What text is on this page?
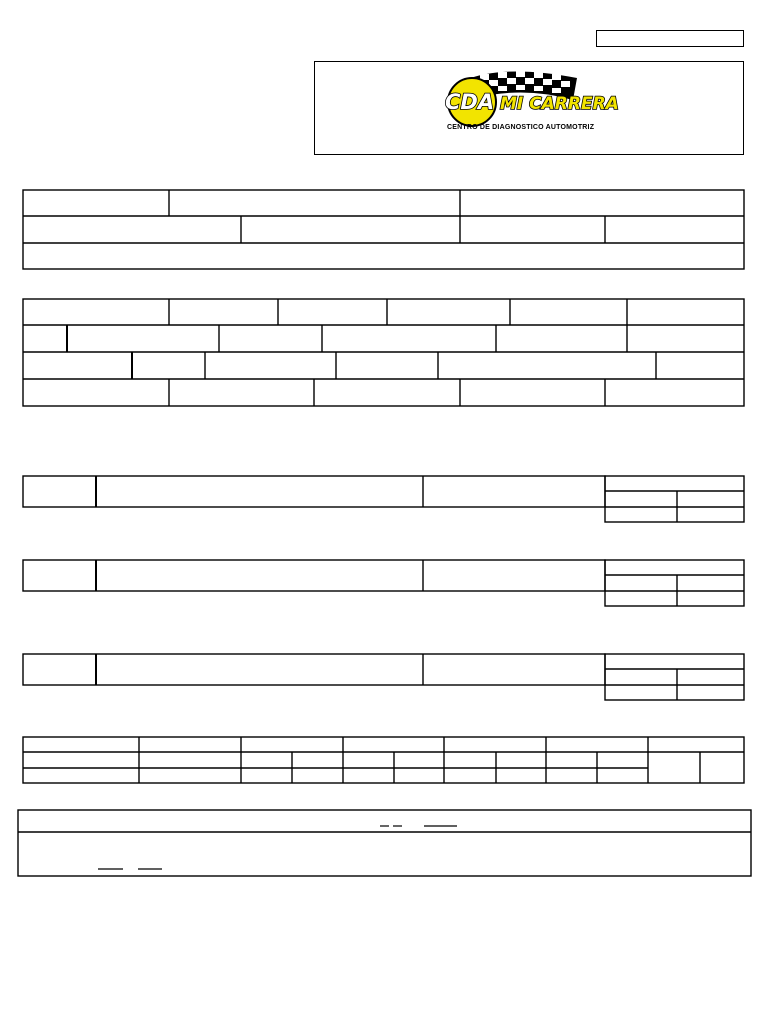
CDA MI CARRERA
CENTRO DE DIAGNOSTICO AUTOMOTRIZ
